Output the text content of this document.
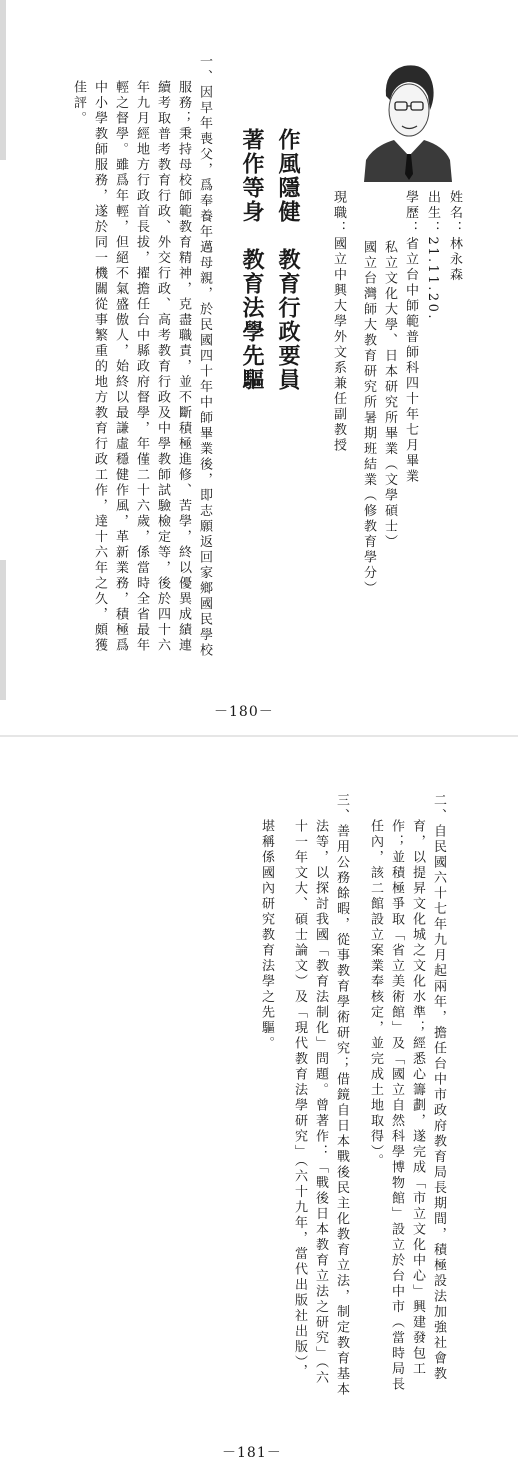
姓名：林永森
出生：21.11.20.
學歷：省立台中師範普師科四十年七月畢業
私立文化大學、日本研究所畢業（文學碩士）
國立台灣師大教育研究所暑期班結業（修教育學分）
現職：國立中興大學外文系兼任副教授
作風隱健　教育行政要員
著作等身　教育法學先驅
一、因早年喪父，爲奉養年邁母親，於民國四十年中師畢業後，即志願返回家鄉國民學校
服務；秉持母校師範教育精神，克盡職責，並不斷積極進修、苦學，終以優異成績連
續考取普考教育行政、外交行政、高考教育行政及中學教師試驗檢定等，後於四十六
年九月經地方行政首長拔，擢擔任台中縣政府督學，年僅二十六歲，係當時全省最年
輕之督學。雖爲年輕，但絕不氣盛傲人，始終以最謙虛穩健作風，革新業務，積極爲
中小學教師服務，遂於同一機關從事繁重的地方教育行政工作，達十六年之久，頗獲
佳評。
－180－
二、自民國六十七年九月起兩年，擔任台中市政府教育局長期間，積極設法加強社會教
育，以提昇文化城之文化水準；經悉心籌劃，遂完成「市立文化中心」興建發包工
作；並積極爭取「省立美術館」及「國立自然科學博物館」設立於台中市（當時局長
任內，該二館設立案業奉核定，並完成土地取得）。
三、善用公務餘暇，從事教育學術研究；借鏡自日本戰後民主化教育立法，制定教育基本
法等，以探討我國「教育法制化」問題。曾著作：「戰後日本教育立法之研究」（六
十一年文大、碩士論文）及「現代教育法學研究」（六十九年，當代出版社出版），
堪稱係國內研究教育法學之先驅。
－181－
